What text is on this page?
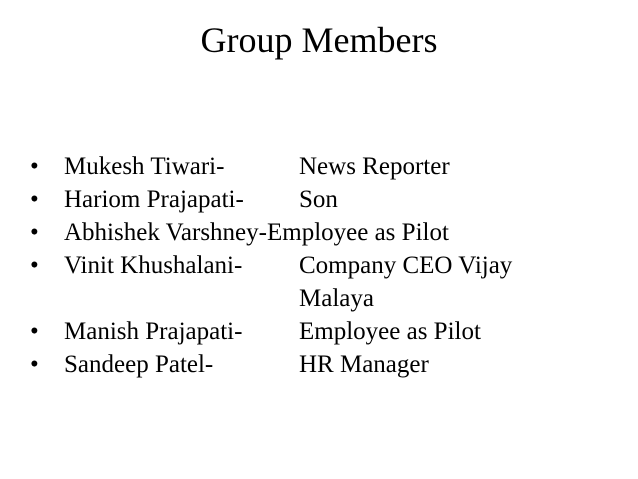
Group Members
•	Mukesh Tiwari-	News Reporter
•	Hariom Prajapati- Son
•	Abhishek Varshney-Employee as Pilot
•	Vinit Khushalani- Company CEO Vijay Malaya
•	Manish Prajapati- Employee as Pilot
•	Sandeep Patel-	HR Manager
